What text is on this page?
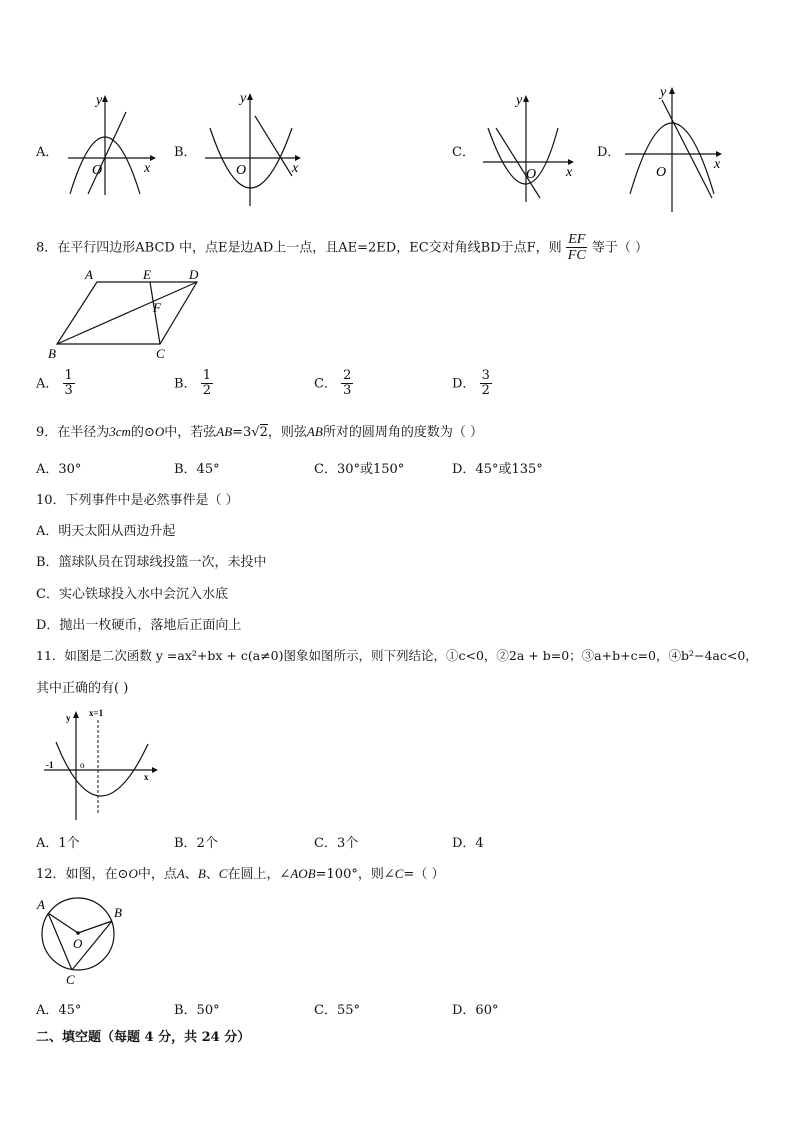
A．
y
x
O
B．
y
x
O
C．
y
x
O
D．
y
x
O
8．在平行四边形ABCD 中，点E是边AD上一点，且AE=2ED，EC交对角线BD于点F，则 $\frac{EF}{FC}$ 等于（ ）
A	E	D
F
B	C
A． $\frac{1}{3}$	B． $\frac{1}{2}$	C． $\frac{2}{3}$	D． $\frac{3}{2}$
9．在半径为3cm的⊙O中，若弦AB=3√2，则弦AB所对的圆周角的度数为（ ）
A．30°	B．45°	C．30°或150°	D．45°或135°
10．下列事件中是必然事件是（ ）
A．明天太阳从西边升起
B．篮球队员在罚球线投篮一次，未投中
C．实心铁球投入水中会沉入水底
D．抛出一枚硬币，落地后正面向上
11．如图是二次函数 y =ax²+bx + c(a≠0)图象如图所示，则下列结论，①c<0，②2a + b=0；③a+b+c=0，④b²−4ac<0，
其中正确的有( )
y x=1
-1	o
x
A．1个	B．2个	C．3个	D．4
12．如图，在⊙O中，点A、B、C在圆上，∠AOB=100°，则∠C=（ ）
A
B
O
C
A．45°	B．50°	C．55°	D．60°
二、填空题（每题 4 分，共 24 分）
